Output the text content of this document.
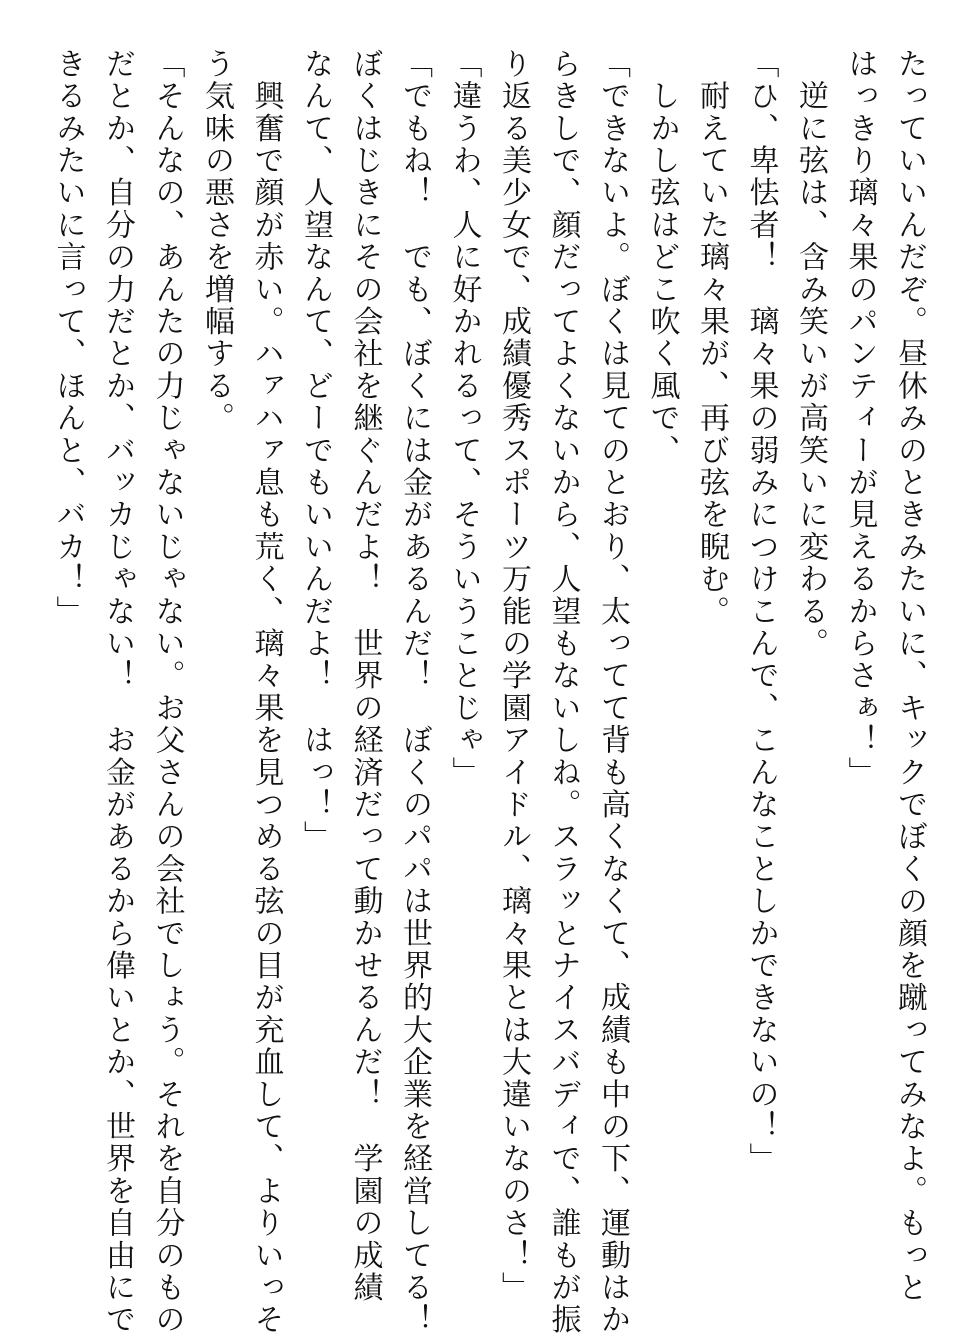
たっていいんだぞ。昼休みのときみたいに、キックでぼくの顔を蹴ってみなよ。もっと
はっきり璃々果のパンティーが見えるからさぁ！」
　逆に弦は、含み笑いが高笑いに変わる。
「ひ、卑怯者！　璃々果の弱みにつけこんで、こんなことしかできないの！」
　耐えていた璃々果が、再び弦を睨む。
　しかし弦はどこ吹く風で、
「できないよ。ぼくは見てのとおり、太ってて背も高くなくて、成績も中の下、運動はか
らきしで、顔だってよくないから、人望もないしね。スラッとナイスバディで、誰もが振
り返る美少女で、成績優秀スポーツ万能の学園アイドル、璃々果とは大違いなのさ！」
「違うわ、人に好かれるって、そういうことじゃ」
「でもね！　でも、ぼくには金があるんだ！　ぼくのパパは世界的大企業を経営してる！
ぼくはじきにその会社を継ぐんだよ！　世界の経済だって動かせるんだ！　学園の成績
なんて、人望なんて、どーでもいいんだよ！　はっ！」
　興奮で顔が赤い。ハァハァ息も荒く、璃々果を見つめる弦の目が充血して、よりいっそ
う気味の悪さを増幅する。
「そんなの、あんたの力じゃないじゃない。お父さんの会社でしょう。それを自分のもの
だとか、自分の力だとか、バッカじゃない！　お金があるから偉いとか、世界を自由にで
きるみたいに言って、ほんと、バカ！」
